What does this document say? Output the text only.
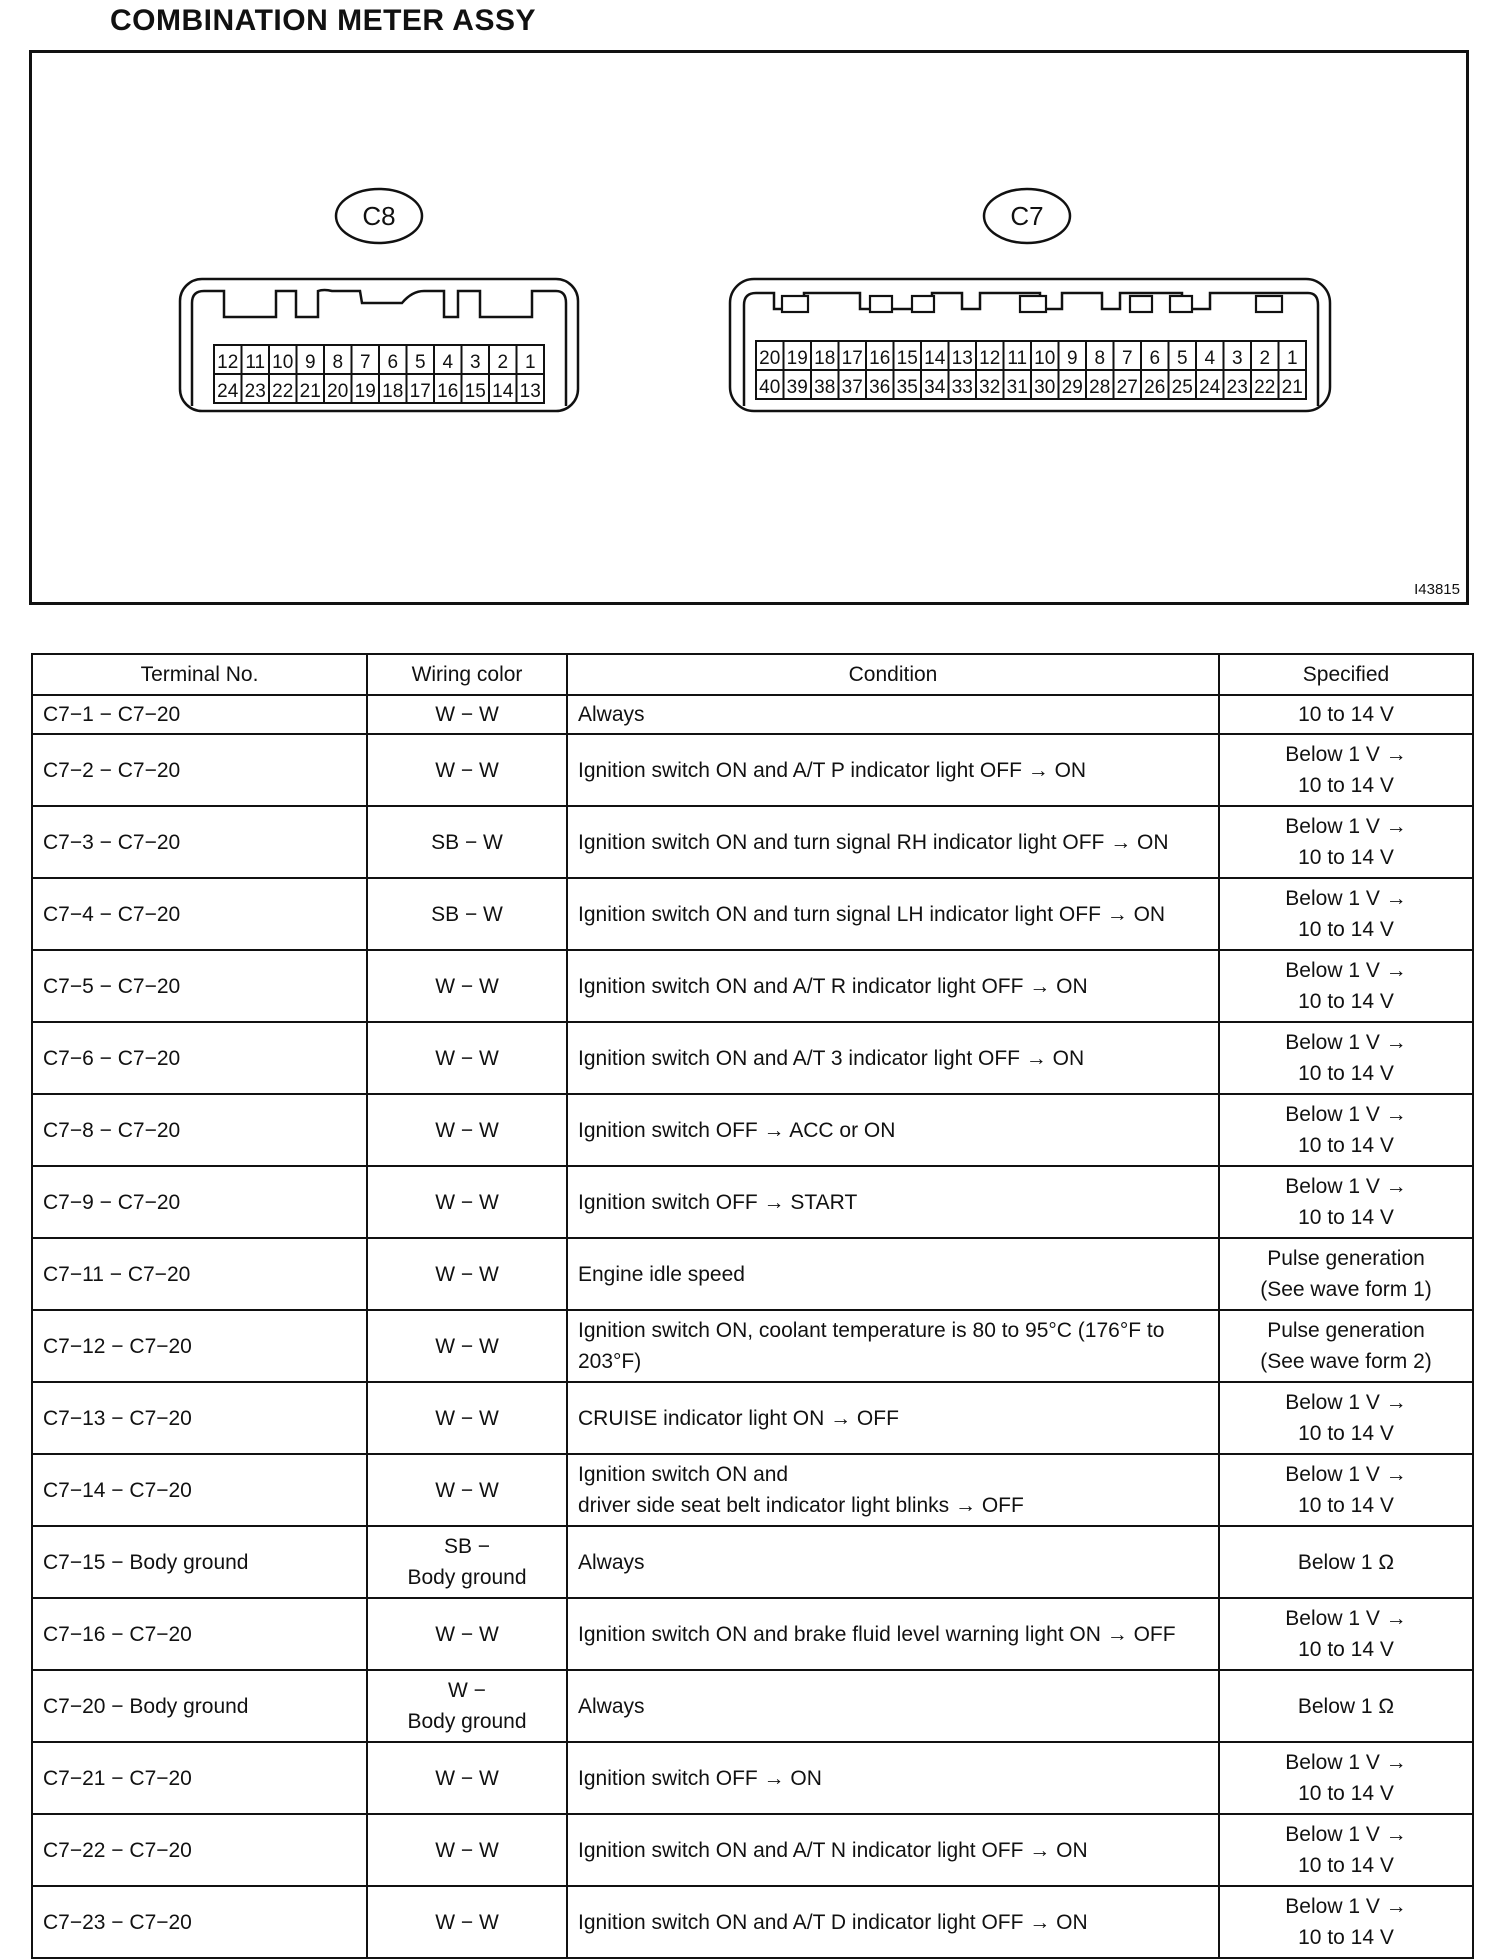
COMBINATION METER ASSY
C8
12 11 10 9 8 7 6 5 4 3 2 1
24 23 22 21 20 19 18 17 16 15 14 13
C7
20 19 18 17 16 15 14 13 12 11 10 9 8 7 6 5 4 3 2 1
40 39 38 37 36 35 34 33 32 31 30 29 28 27 26 25 24 23 22 21
I43815
Terminal No.	Wiring color	Condition	Specified

C7−1 − C7−20	W − W	Always	10 to 14 V

C7−2 − C7−20	W − W	Ignition switch ON and A/T P indicator light OFF → ON	Below 1 V →
10 to 14 V

C7−3 − C7−20	SB − W	Ignition switch ON and turn signal RH indicator light OFF → ON	Below 1 V →
10 to 14 V

C7−4 − C7−20	SB − W	Ignition switch ON and turn signal LH indicator light OFF → ON	Below 1 V →
10 to 14 V

C7−5 − C7−20	W − W	Ignition switch ON and A/T R indicator light OFF → ON	Below 1 V →
10 to 14 V

C7−6 − C7−20	W − W	Ignition switch ON and A/T 3 indicator light OFF → ON	Below 1 V →
10 to 14 V

C7−8 − C7−20	W − W	Ignition switch OFF → ACC or ON	Below 1 V →
10 to 14 V

C7−9 − C7−20	W − W	Ignition switch OFF → START	Below 1 V →
10 to 14 V

C7−11 − C7−20	W − W	Engine idle speed	Pulse generation
(See wave form 1)

C7−12 − C7−20	W − W	Ignition switch ON, coolant temperature is 80 to 95°C (176°F to 203°F)	Pulse generation
(See wave form 2)

C7−13 − C7−20	W − W	CRUISE indicator light ON → OFF	Below 1 V →
10 to 14 V

C7−14 − C7−20	W − W	Ignition switch ON and
driver side seat belt indicator light blinks → OFF	Below 1 V →
10 to 14 V

C7−15 − Body ground	SB −
Body ground	Always	Below 1 Ω

C7−16 − C7−20	W − W	Ignition switch ON and brake fluid level warning light ON → OFF	Below 1 V →
10 to 14 V

C7−20 − Body ground	W −
Body ground	Always	Below 1 Ω

C7−21 − C7−20	W − W	Ignition switch OFF → ON	Below 1 V →
10 to 14 V

C7−22 − C7−20	W − W	Ignition switch ON and A/T N indicator light OFF → ON	Below 1 V →
10 to 14 V

C7−23 − C7−20	W − W	Ignition switch ON and A/T D indicator light OFF → ON	Below 1 V →
10 to 14 V
